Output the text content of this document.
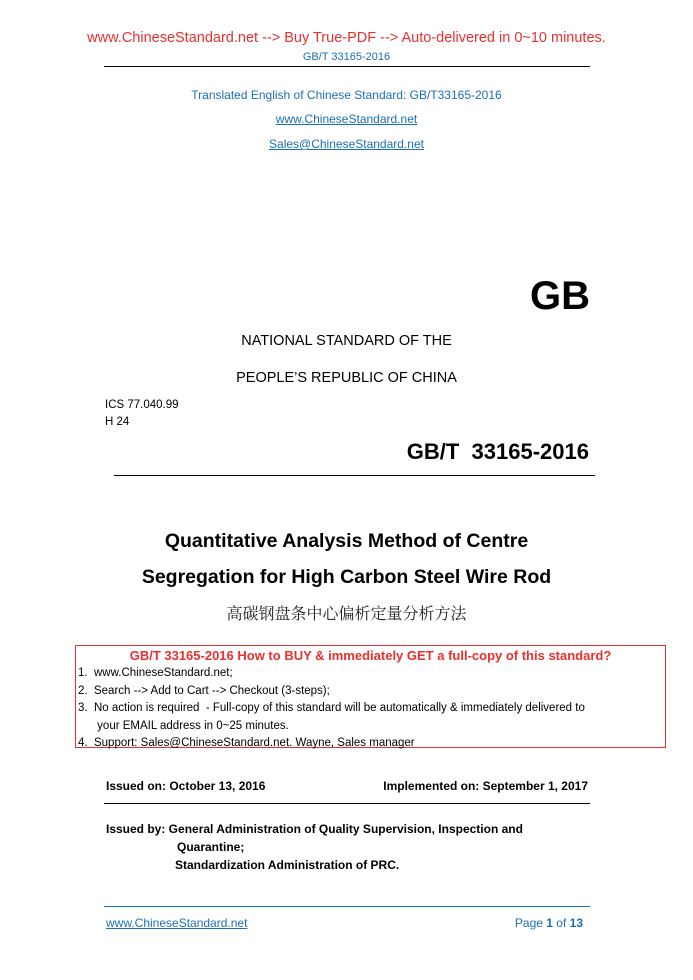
www.ChineseStandard.net --> Buy True-PDF --> Auto-delivered in 0~10 minutes.
GB/T 33165-2016
Translated English of Chinese Standard: GB/T33165-2016
www.ChineseStandard.net
Sales@ChineseStandard.net
GB
NATIONAL STANDARD OF THE
PEOPLE’S REPUBLIC OF CHINA
ICS 77.040.99
H 24
GB/T  33165-2016
Quantitative Analysis Method of Centre
Segregation for High Carbon Steel Wire Rod
高碳钢盘条中心偏析定量分析方法
GB/T 33165-2016 How to BUY & immediately GET a full-copy of this standard?
1.  www.ChineseStandard.net;
2.  Search --> Add to Cart --> Checkout (3-steps);
3.  No action is required  - Full-copy of this standard will be automatically & immediately delivered to
your EMAIL address in 0~25 minutes.
4.  Support: Sales@ChineseStandard.net. Wayne, Sales manager
Issued on: October 13, 2016	Implemented on: September 1, 2017
Issued by: General Administration of Quality Supervision, Inspection and
Quarantine;
Standardization Administration of PRC.
www.ChineseStandard.net	Page 1 of 13
